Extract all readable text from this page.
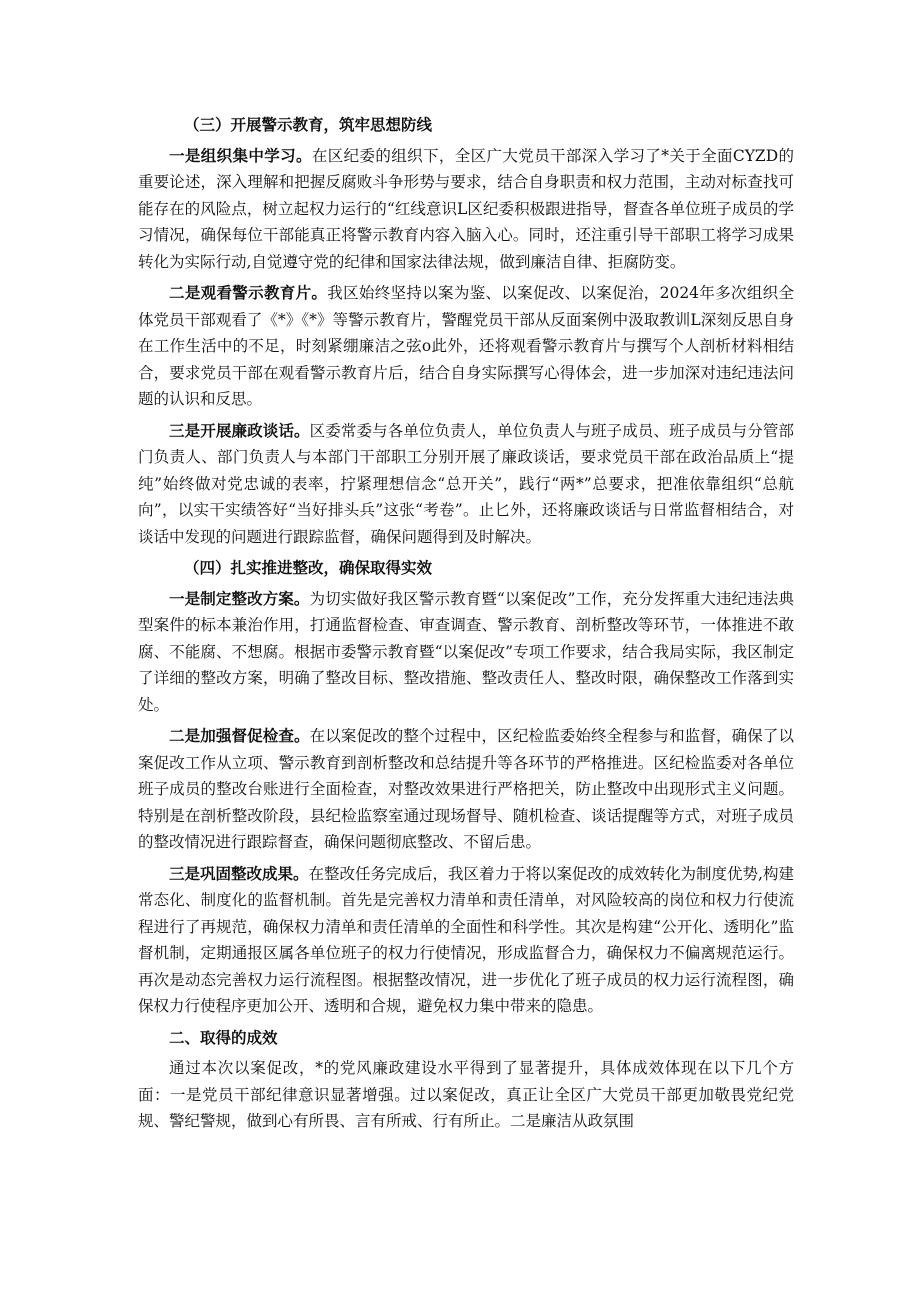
（三）开展警示教育，筑牢思想防线

一是组织集中学习。在区纪委的组织下，全区广大党员干部深入学习了*关于全面CYZD的重要论述，深入理解和把握反腐败斗争形势与要求，结合自身职责和权力范围，主动对标查找可能存在的风险点，树立起权力运行的“红线意识L区纪委积极跟进指导，督查各单位班子成员的学习情况，确保每位干部能真正将警示教育内容入脑入心。同时，还注重引导干部职工将学习成果转化为实际行动,自觉遵守党的纪律和国家法律法规，做到廉洁自律、拒腐防变。

二是观看警示教育片。我区始终坚持以案为鉴、以案促改、以案促治，2024年多次组织全体党员干部观看了《*》《*》等警示教育片，警醒党员干部从反面案例中汲取教训L深刻反思自身在工作生活中的不足，时刻紧绷廉洁之弦o此外，还将观看警示教育片与撰写个人剖析材料相结合，要求党员干部在观看警示教育片后，结合自身实际撰写心得体会，进一步加深对违纪违法问题的认识和反思。

三是开展廉政谈话。区委常委与各单位负责人，单位负责人与班子成员、班子成员与分管部门负责人、部门负责人与本部门干部职工分别开展了廉政谈话，要求党员干部在政治品质上“提纯”始终做对党忠诚的表率，拧紧理想信念“总开关”，践行“两*”总要求，把准依靠组织“总航向”，以实干实绩答好“当好排头兵”这张“考卷”。止匕外，还将廉政谈话与日常监督相结合，对谈话中发现的问题进行跟踪监督，确保问题得到及时解决。

（四）扎实推进整改，确保取得实效

一是制定整改方案。为切实做好我区警示教育暨“以案促改”工作，充分发挥重大违纪违法典型案件的标本兼治作用，打通监督检查、审查调查、警示教育、剖析整改等环节，一体推进不敢腐、不能腐、不想腐。根据市委警示教育暨“以案促改”专项工作要求，结合我局实际，我区制定了详细的整改方案，明确了整改目标、整改措施、整改责任人、整改时限，确保整改工作落到实处。

二是加强督促检查。在以案促改的整个过程中，区纪检监委始终全程参与和监督，确保了以案促改工作从立项、警示教育到剖析整改和总结提升等各环节的严格推进。区纪检监委对各单位班子成员的整改台账进行全面检查，对整改效果进行严格把关，防止整改中出现形式主义问题。特别是在剖析整改阶段，县纪检监察室通过现场督导、随机检查、谈话提醒等方式，对班子成员的整改情况进行跟踪督查，确保问题彻底整改、不留后患。

三是巩固整改成果。在整改任务完成后，我区着力于将以案促改的成效转化为制度优势,构建常态化、制度化的监督机制。首先是完善权力清单和责任清单，对风险较高的岗位和权力行使流程进行了再规范，确保权力清单和责任清单的全面性和科学性。其次是构建“公开化、透明化”监督机制，定期通报区属各单位班子的权力行使情况，形成监督合力，确保权力不偏离规范运行。再次是动态完善权力运行流程图。根据整改情况，进一步优化了班子成员的权力运行流程图，确保权力行使程序更加公开、透明和合规，避免权力集中带来的隐患。

二、取得的成效

通过本次以案促改，*的党风廉政建设水平得到了显著提升，具体成效体现在以下几个方面：一是党员干部纪律意识显著增强。过以案促改，真正让全区广大党员干部更加敬畏党纪党规、警纪警规，做到心有所畏、言有所戒、行有所止。二是廉洁从政氛围
